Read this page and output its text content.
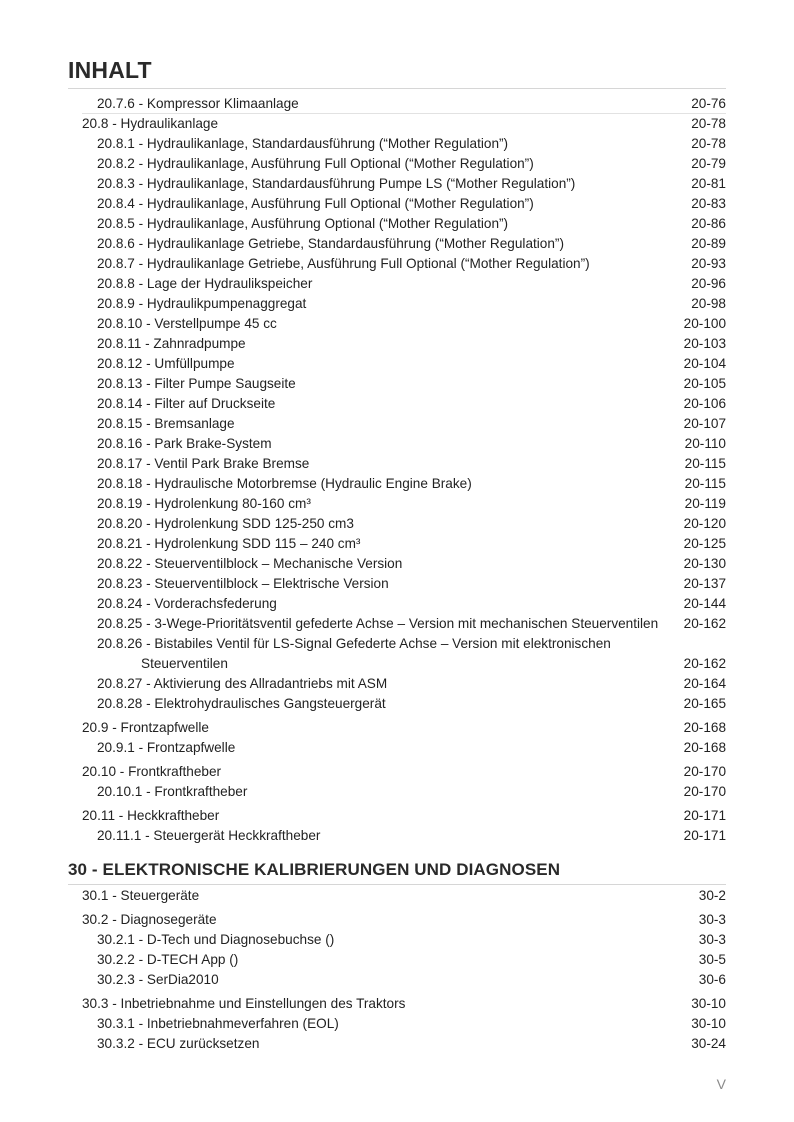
INHALT
20.7.6 - Kompressor Klimaanlage	20-76
20.8 - Hydraulikanlage	20-78
20.8.1 - Hydraulikanlage, Standardausführung (“Mother Regulation”)	20-78
20.8.2 - Hydraulikanlage, Ausführung Full Optional (“Mother Regulation”)	20-79
20.8.3 - Hydraulikanlage, Standardausführung Pumpe LS (“Mother Regulation”)	20-81
20.8.4 - Hydraulikanlage, Ausführung Full Optional (“Mother Regulation”)	20-83
20.8.5 - Hydraulikanlage, Ausführung Optional (“Mother Regulation”)	20-86
20.8.6 - Hydraulikanlage Getriebe, Standardausführung (“Mother Regulation”)	20-89
20.8.7 - Hydraulikanlage Getriebe, Ausführung Full Optional (“Mother Regulation”)	20-93
20.8.8 - Lage der Hydraulikspeicher	20-96
20.8.9 - Hydraulikpumpenaggregat	20-98
20.8.10 - Verstellpumpe 45 cc	20-100
20.8.11 - Zahnradpumpe	20-103
20.8.12 - Umfüllpumpe	20-104
20.8.13 - Filter Pumpe Saugseite	20-105
20.8.14 - Filter auf Druckseite	20-106
20.8.15 - Bremsanlage	20-107
20.8.16 - Park Brake-System	20-110
20.8.17 - Ventil Park Brake Bremse	20-115
20.8.18 - Hydraulische Motorbremse (Hydraulic Engine Brake)	20-115
20.8.19 - Hydrolenkung 80-160 cm³	20-119
20.8.20 - Hydrolenkung SDD 125-250 cm3	20-120
20.8.21 - Hydrolenkung SDD 115 – 240 cm³	20-125
20.8.22 - Steuerventilblock – Mechanische Version	20-130
20.8.23 - Steuerventilblock – Elektrische Version	20-137
20.8.24 - Vorderachsfederung	20-144
20.8.25 - 3-Wege-Prioritätsventil gefederte Achse – Version mit mechanischen Steuerventilen 20-162
20.8.26 - Bistabiles Ventil für LS-Signal Gefederte Achse – Version mit elektronischen
Steuerventilen	20-162
20.8.27 - Aktivierung des Allradantriebs mit ASM	20-164
20.8.28 - Elektrohydraulisches Gangsteuergerät	20-165
20.9 - Frontzapfwelle	20-168
20.9.1 - Frontzapfwelle	20-168
20.10 - Frontkraftheber	20-170
20.10.1 - Frontkraftheber	20-170
20.11 - Heckkraftheber	20-171
20.11.1 - Steuergerät Heckkraftheber	20-171
30 - ELEKTRONISCHE KALIBRIERUNGEN UND DIAGNOSEN
30.1 - Steuergeräte	30-2
30.2 - Diagnosegeräte	30-3
30.2.1 - D-Tech und Diagnosebuchse ()	30-3
30.2.2 - D-TECH App ()	30-5
30.2.3 - SerDia2010	30-6
30.3 - Inbetriebnahme und Einstellungen des Traktors	30-10
30.3.1 - Inbetriebnahmeverfahren (EOL)	30-10
30.3.2 - ECU zurücksetzen	30-24
V
